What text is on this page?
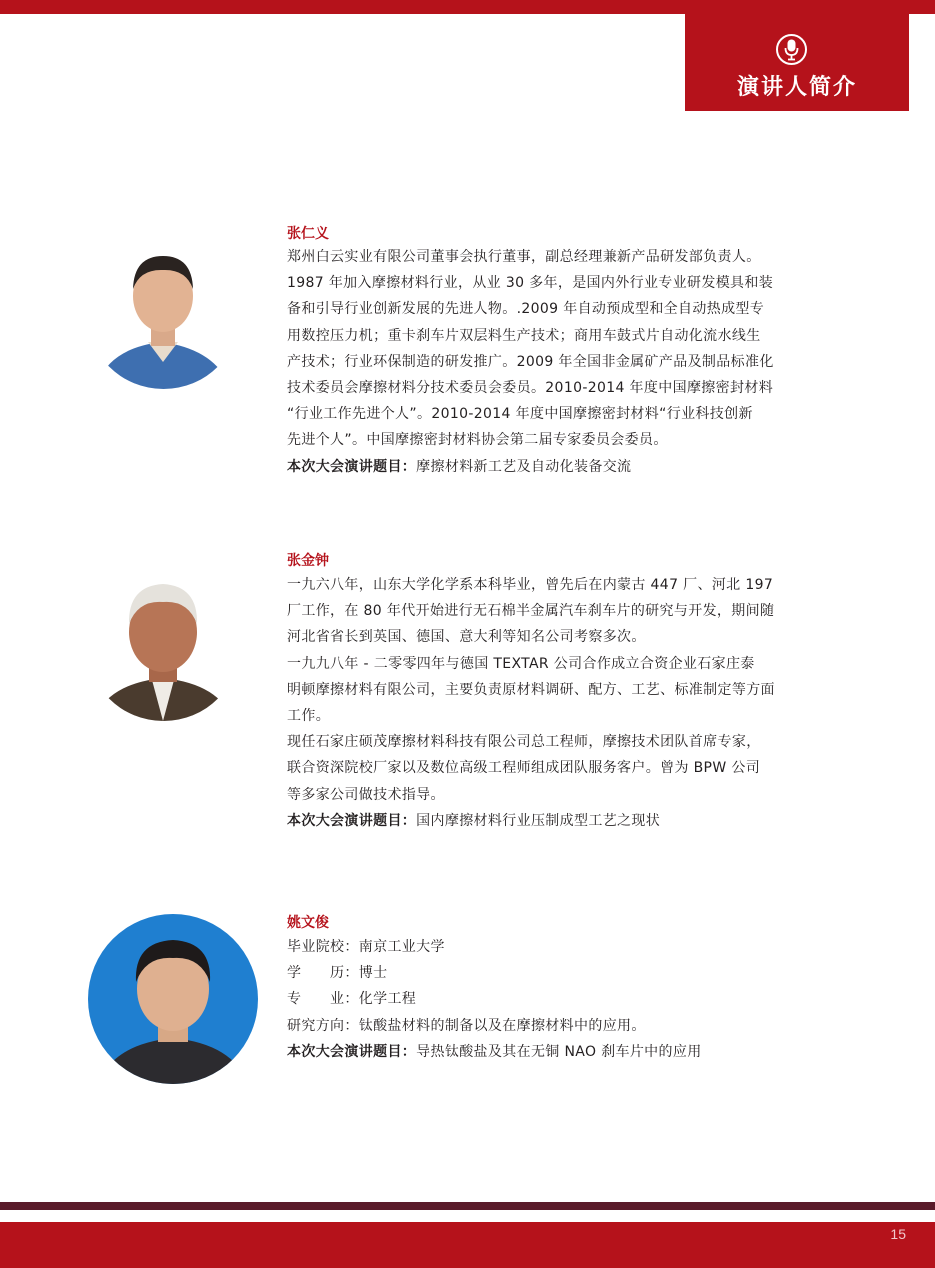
演讲人简介
张仁义

郑州白云实业有限公司董事会执行董事，副总经理兼新产品研发部负责人。

1987 年加入摩擦材料行业，从业 30 多年，是国内外行业专业研发模具和装

备和引导行业创新发展的先进人物。.2009 年自动预成型和全自动热成型专

用数控压力机；重卡刹车片双层料生产技术；商用车鼓式片自动化流水线生

产技术；行业环保制造的研发推广。2009 年全国非金属矿产品及制品标准化

技术委员会摩擦材料分技术委员会委员。2010-2014 年度中国摩擦密封材料

“行业工作先进个人”。2010-2014 年度中国摩擦密封材料“行业科技创新

先进个人”。中国摩擦密封材料协会第二届专家委员会委员。

本次大会演讲题目：摩擦材料新工艺及自动化装备交流

张金钟

一九六八年，山东大学化学系本科毕业，曾先后在内蒙古 447 厂、河北 197

厂工作，在 80 年代开始进行无石棉半金属汽车刹车片的研究与开发，期间随

河北省省长到英国、德国、意大利等知名公司考察多次。

一九九八年 - 二零零四年与德国 TEXTAR 公司合作成立合资企业石家庄泰

明顿摩擦材料有限公司，主要负责原材料调研、配方、工艺、标准制定等方面

工作。

现任石家庄硕茂摩擦材料科技有限公司总工程师，摩擦技术团队首席专家，

联合资深院校厂家以及数位高级工程师组成团队服务客户。曾为 BPW 公司

等多家公司做技术指导。

本次大会演讲题目：国内摩擦材料行业压制成型工艺之现状

姚文俊

毕业院校：南京工业大学

学　　历：博士

专　　业：化学工程

研究方向：钛酸盐材料的制备以及在摩擦材料中的应用。

本次大会演讲题目：导热钛酸盐及其在无铜 NAO 刹车片中的应用

15
